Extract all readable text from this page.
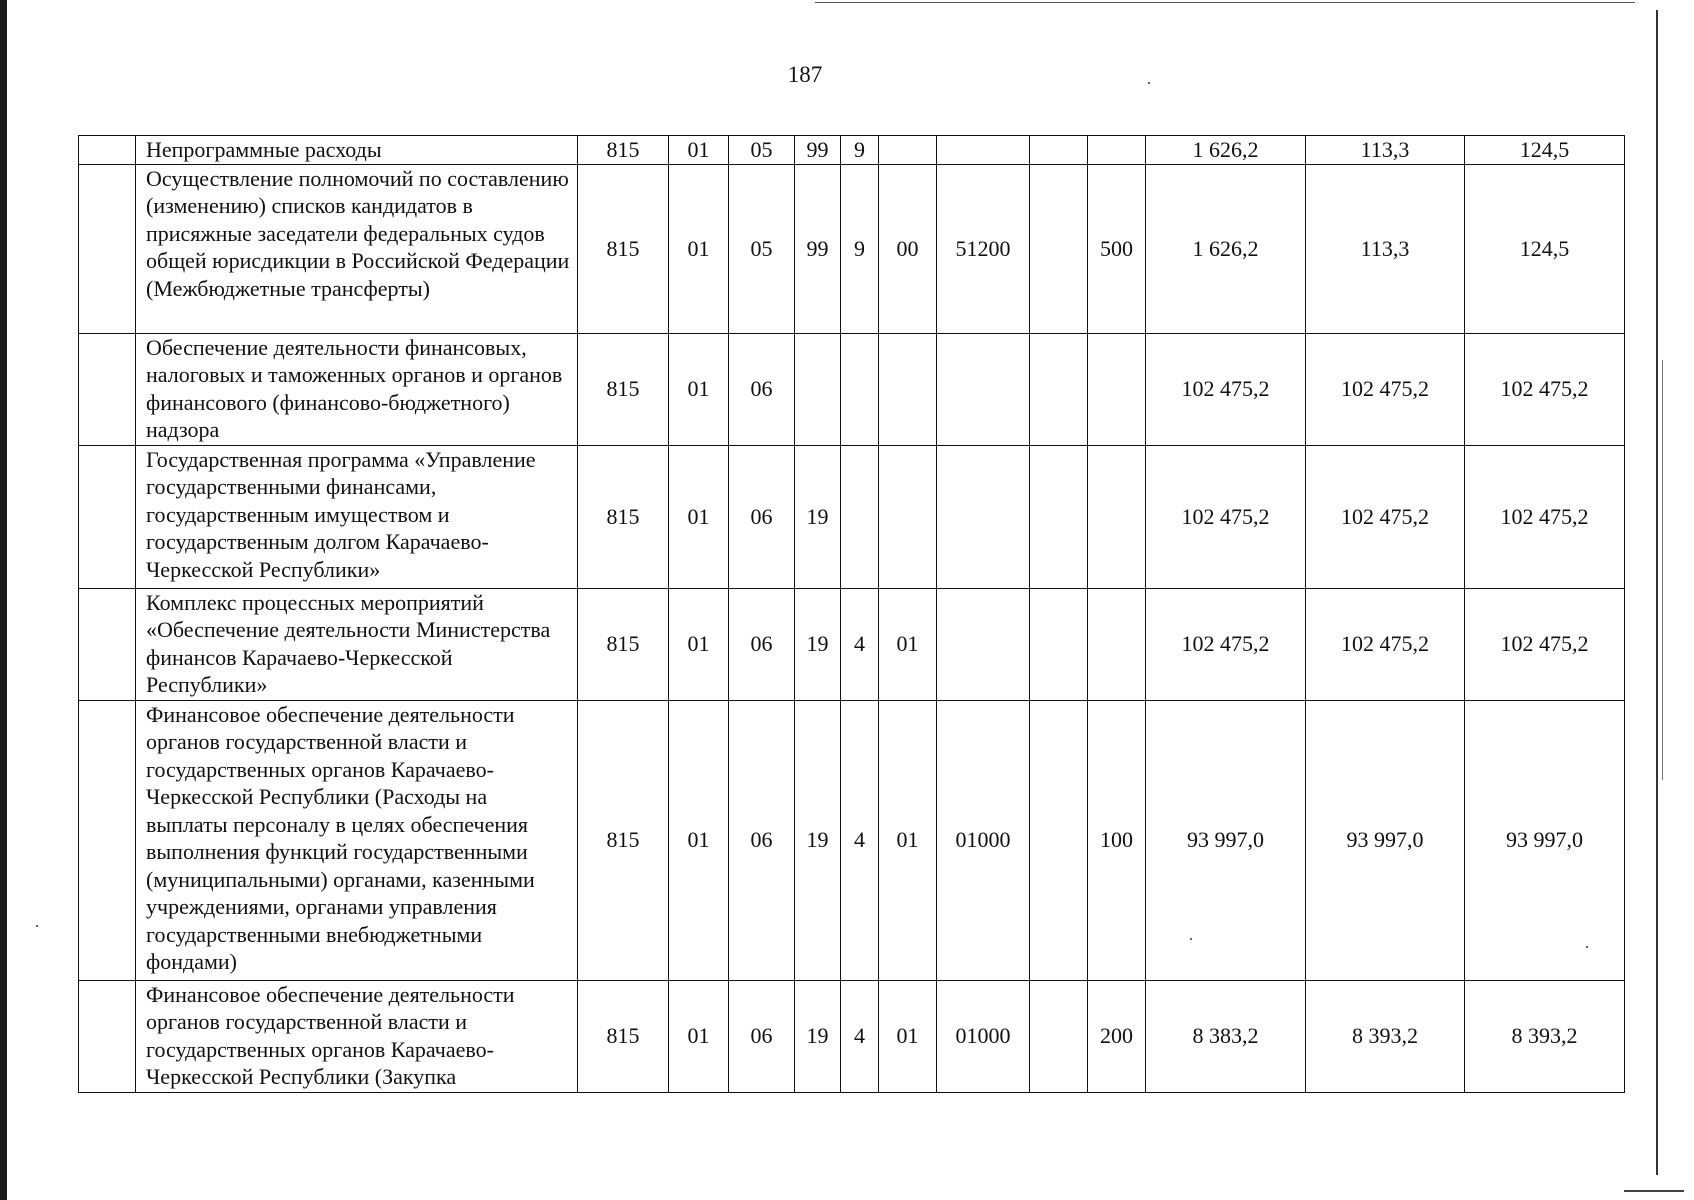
187
	Непрограммные расходы	815	01	05	99	9					1 626,2	113,3	124,5
	Осуществление полномочий по составлению (изменению) списков кандидатов в присяжные заседатели федеральных судов общей юрисдикции в Российской Федерации (Межбюджетные трансферты)	815	01	05	99	9	00	51200		500	1 626,2	113,3	124,5
	Обеспечение деятельности финансовых, налоговых и таможенных органов и органов финансового (финансово-бюджетного) надзора	815	01	06							102 475,2	102 475,2	102 475,2
	Государственная программа «Управление государственными финансами, государственным имуществом и государственным долгом Карачаево-Черкесской Республики»	815	01	06	19						102 475,2	102 475,2	102 475,2
	Комплекс процессных мероприятий «Обеспечение деятельности Министерства финансов Карачаево-Черкесской Республики»	815	01	06	19	4	01				102 475,2	102 475,2	102 475,2
	Финансовое обеспечение деятельности органов государственной власти и государственных органов Карачаево-Черкесской Республики (Расходы на выплаты персоналу в целях обеспечения выполнения функций государственными (муниципальными) органами, казенными учреждениями, органами управления государственными внебюджетными фондами)	815	01	06	19	4	01	01000		100	93 997,0	93 997,0	93 997,0
	Финансовое обеспечение деятельности органов государственной власти и государственных органов Карачаево-Черкесской Республики (Закупка	815	01	06	19	4	01	01000		200	8 383,2	8 393,2	8 393,2
